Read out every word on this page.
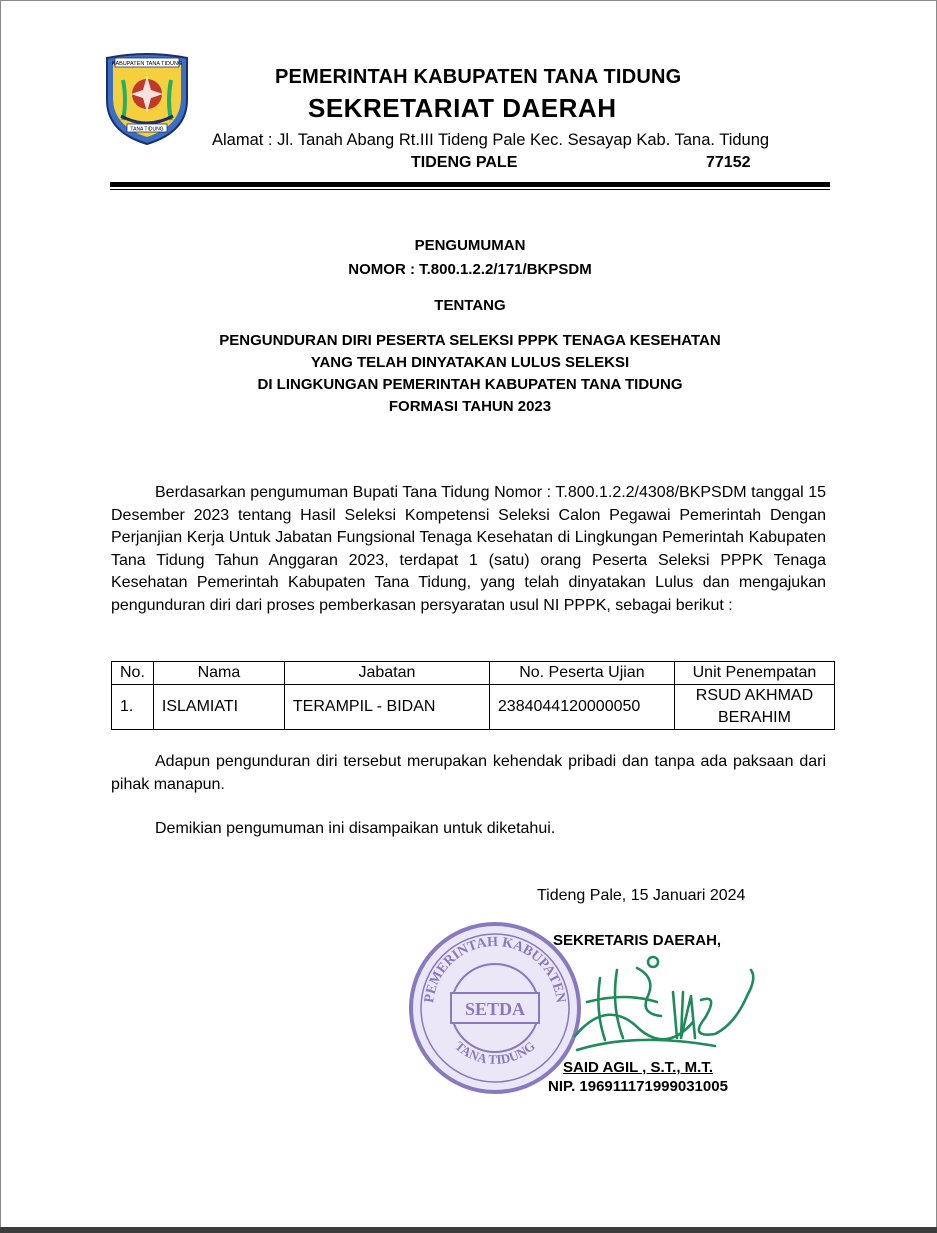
KABUPATEN TANA TIDUNG
TANA TIDUNG
PEMERINTAH KABUPATEN TANA TIDUNG
SEKRETARIAT DAERAH
Alamat : Jl. Tanah Abang Rt.III Tideng Pale Kec. Sesayap Kab. Tana. Tidung
TIDENG PALE	77152
PENGUMUMAN
NOMOR : T.800.1.2.2/171/BKPSDM
TENTANG
PENGUNDURAN DIRI PESERTA SELEKSI PPPK TENAGA KESEHATAN
YANG TELAH DINYATAKAN LULUS SELEKSI
DI LINGKUNGAN PEMERINTAH KABUPATEN TANA TIDUNG
FORMASI TAHUN 2023
Berdasarkan pengumuman Bupati Tana Tidung Nomor : T.800.1.2.2/4308/BKPSDM tanggal 15 Desember 2023 tentang Hasil Seleksi Kompetensi Seleksi Calon Pegawai Pemerintah Dengan Perjanjian Kerja Untuk Jabatan Fungsional Tenaga Kesehatan di Lingkungan Pemerintah Kabupaten Tana Tidung Tahun Anggaran 2023, terdapat 1 (satu) orang Peserta Seleksi PPPK Tenaga Kesehatan Pemerintah Kabupaten Tana Tidung, yang telah dinyatakan Lulus dan mengajukan pengunduran diri dari proses pemberkasan persyaratan usul NI PPPK, sebagai berikut :
No.	Nama	Jabatan	No. Peserta Ujian	Unit Penempatan
1.	ISLAMIATI	TERAMPIL - BIDAN	2384044120000050	RSUD AKHMAD BERAHIM
Adapun pengunduran diri tersebut merupakan kehendak pribadi dan tanpa ada paksaan dari pihak manapun.
Demikian pengumuman ini disampaikan untuk diketahui.
SETDA
PEMERINTAH KABUPATEN
TANA TIDUNG
Tideng Pale, 15 Januari 2024
SEKRETARIS DAERAH,
SAID AGIL , S.T., M.T.
NIP. 196911171999031005
